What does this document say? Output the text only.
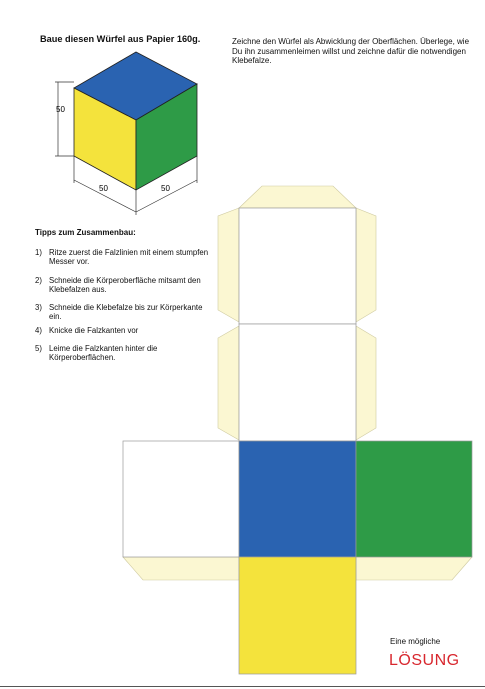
Baue diesen Würfel aus Papier 160g.	Zeichne den Würfel als Abwicklung der Oberflächen. Überlege, wie Du ihn zusammenleimen willst und zeichne dafür die notwendigen Klebefalze.
50
50	50
Tipps zum Zusammenbau:
1) Ritze zuerst die Falzlinien mit einem stumpfen Messer vor.
2) Schneide die Körperoberfläche mitsamt den Klebefalzen aus.
3) Schneide die Klebefalze bis zur Körperkante ein.
4) Knicke die Falzkanten vor
5) Leime die Falzkanten hinter die Körperoberflächen.
Eine mögliche
LÖSUNG
